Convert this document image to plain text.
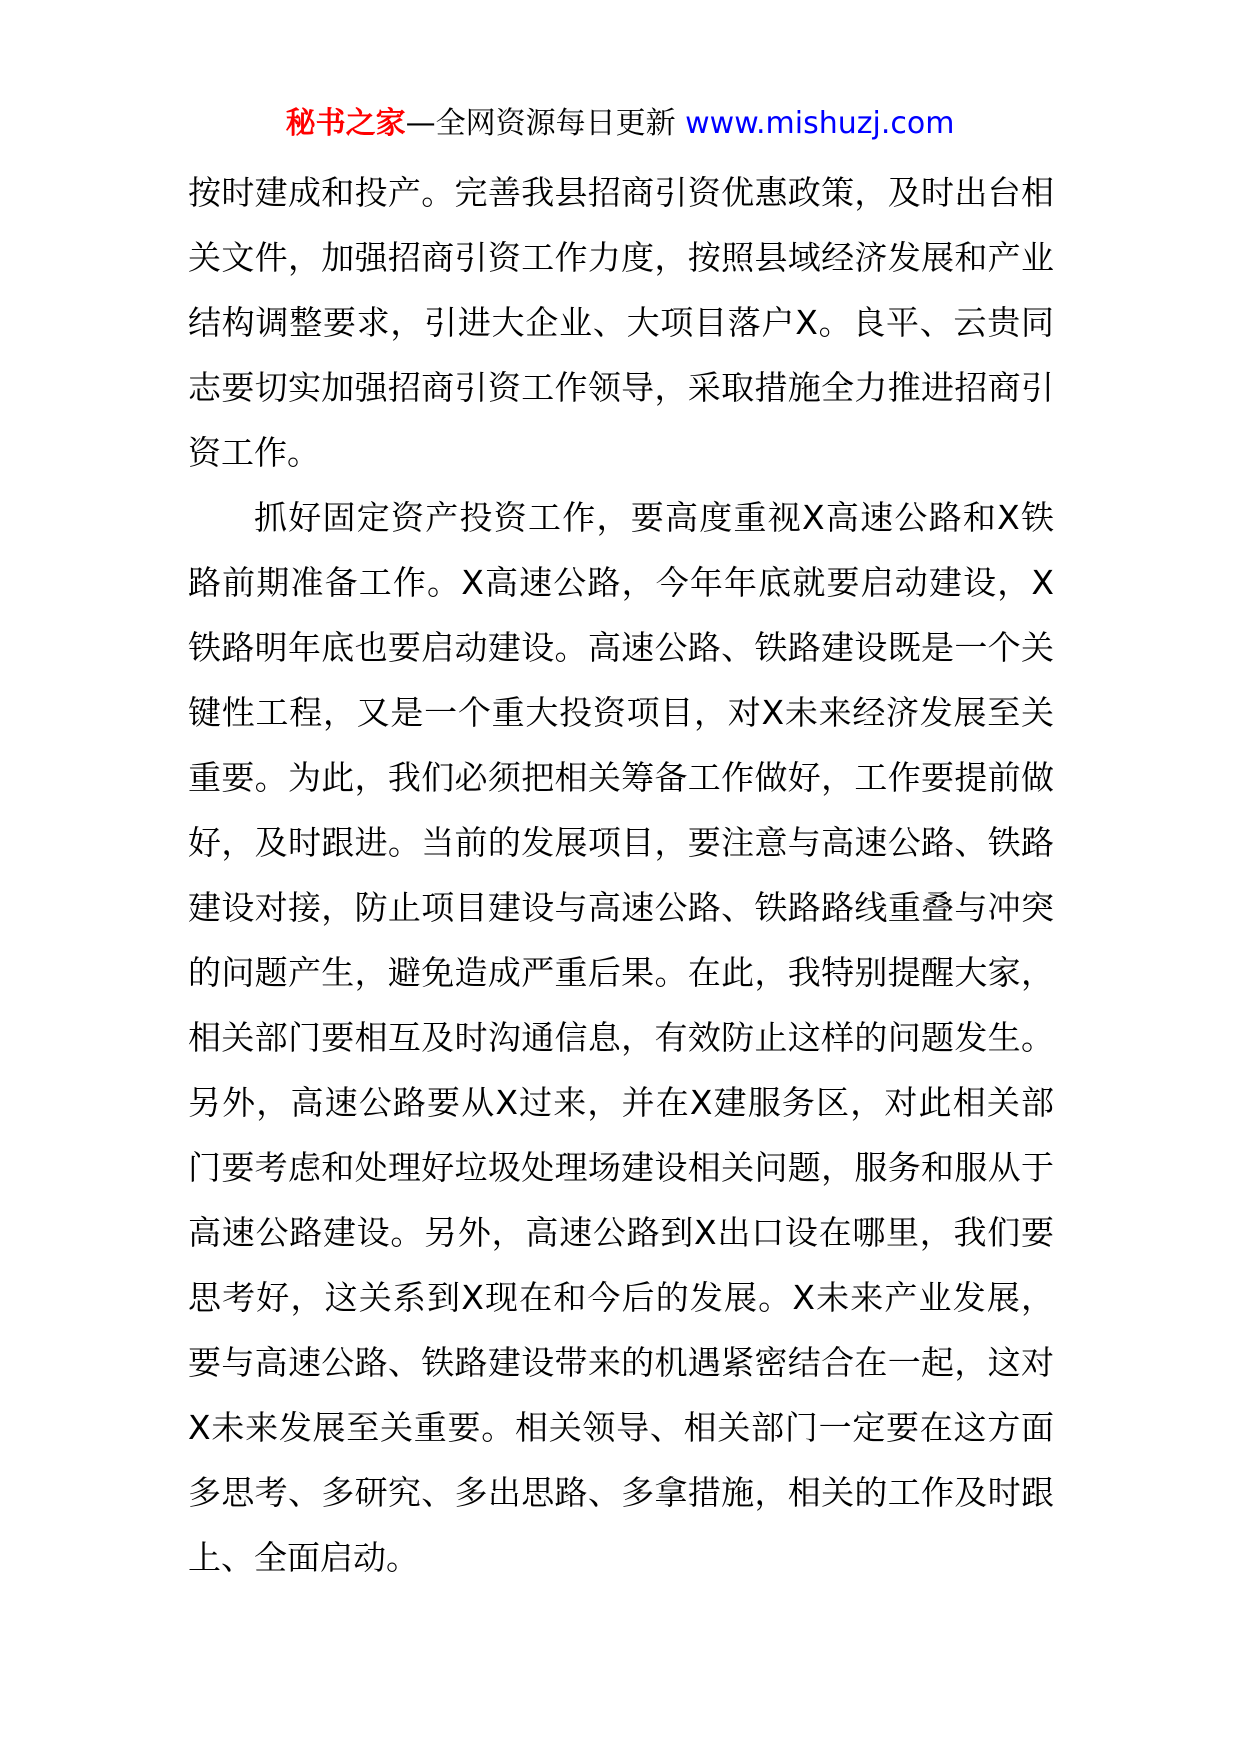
秘书之家—全网资源每日更新 www.mishuzj.com

按时建成和投产。完善我县招商引资优惠政策，及时出台相关文件，加强招商引资工作力度，按照县域经济发展和产业结构调整要求，引进大企业、大项目落户X。良平、云贵同志要切实加强招商引资工作领导，采取措施全力推进招商引资工作。

抓好固定资产投资工作，要高度重视X高速公路和X铁路前期准备工作。X高速公路，今年年底就要启动建设，X铁路明年底也要启动建设。高速公路、铁路建设既是一个关键性工程，又是一个重大投资项目，对X未来经济发展至关重要。为此，我们必须把相关筹备工作做好，工作要提前做好，及时跟进。当前的发展项目，要注意与高速公路、铁路建设对接，防止项目建设与高速公路、铁路路线重叠与冲突的问题产生，避免造成严重后果。在此，我特别提醒大家，相关部门要相互及时沟通信息，有效防止这样的问题发生。另外，高速公路要从X过来，并在X建服务区，对此相关部门要考虑和处理好垃圾处理场建设相关问题，服务和服从于高速公路建设。另外，高速公路到X出口设在哪里，我们要思考好，这关系到X现在和今后的发展。X未来产业发展，要与高速公路、铁路建设带来的机遇紧密结合在一起，这对X未来发展至关重要。相关领导、相关部门一定要在这方面多思考、多研究、多出思路、多拿措施，相关的工作及时跟上、全面启动。
